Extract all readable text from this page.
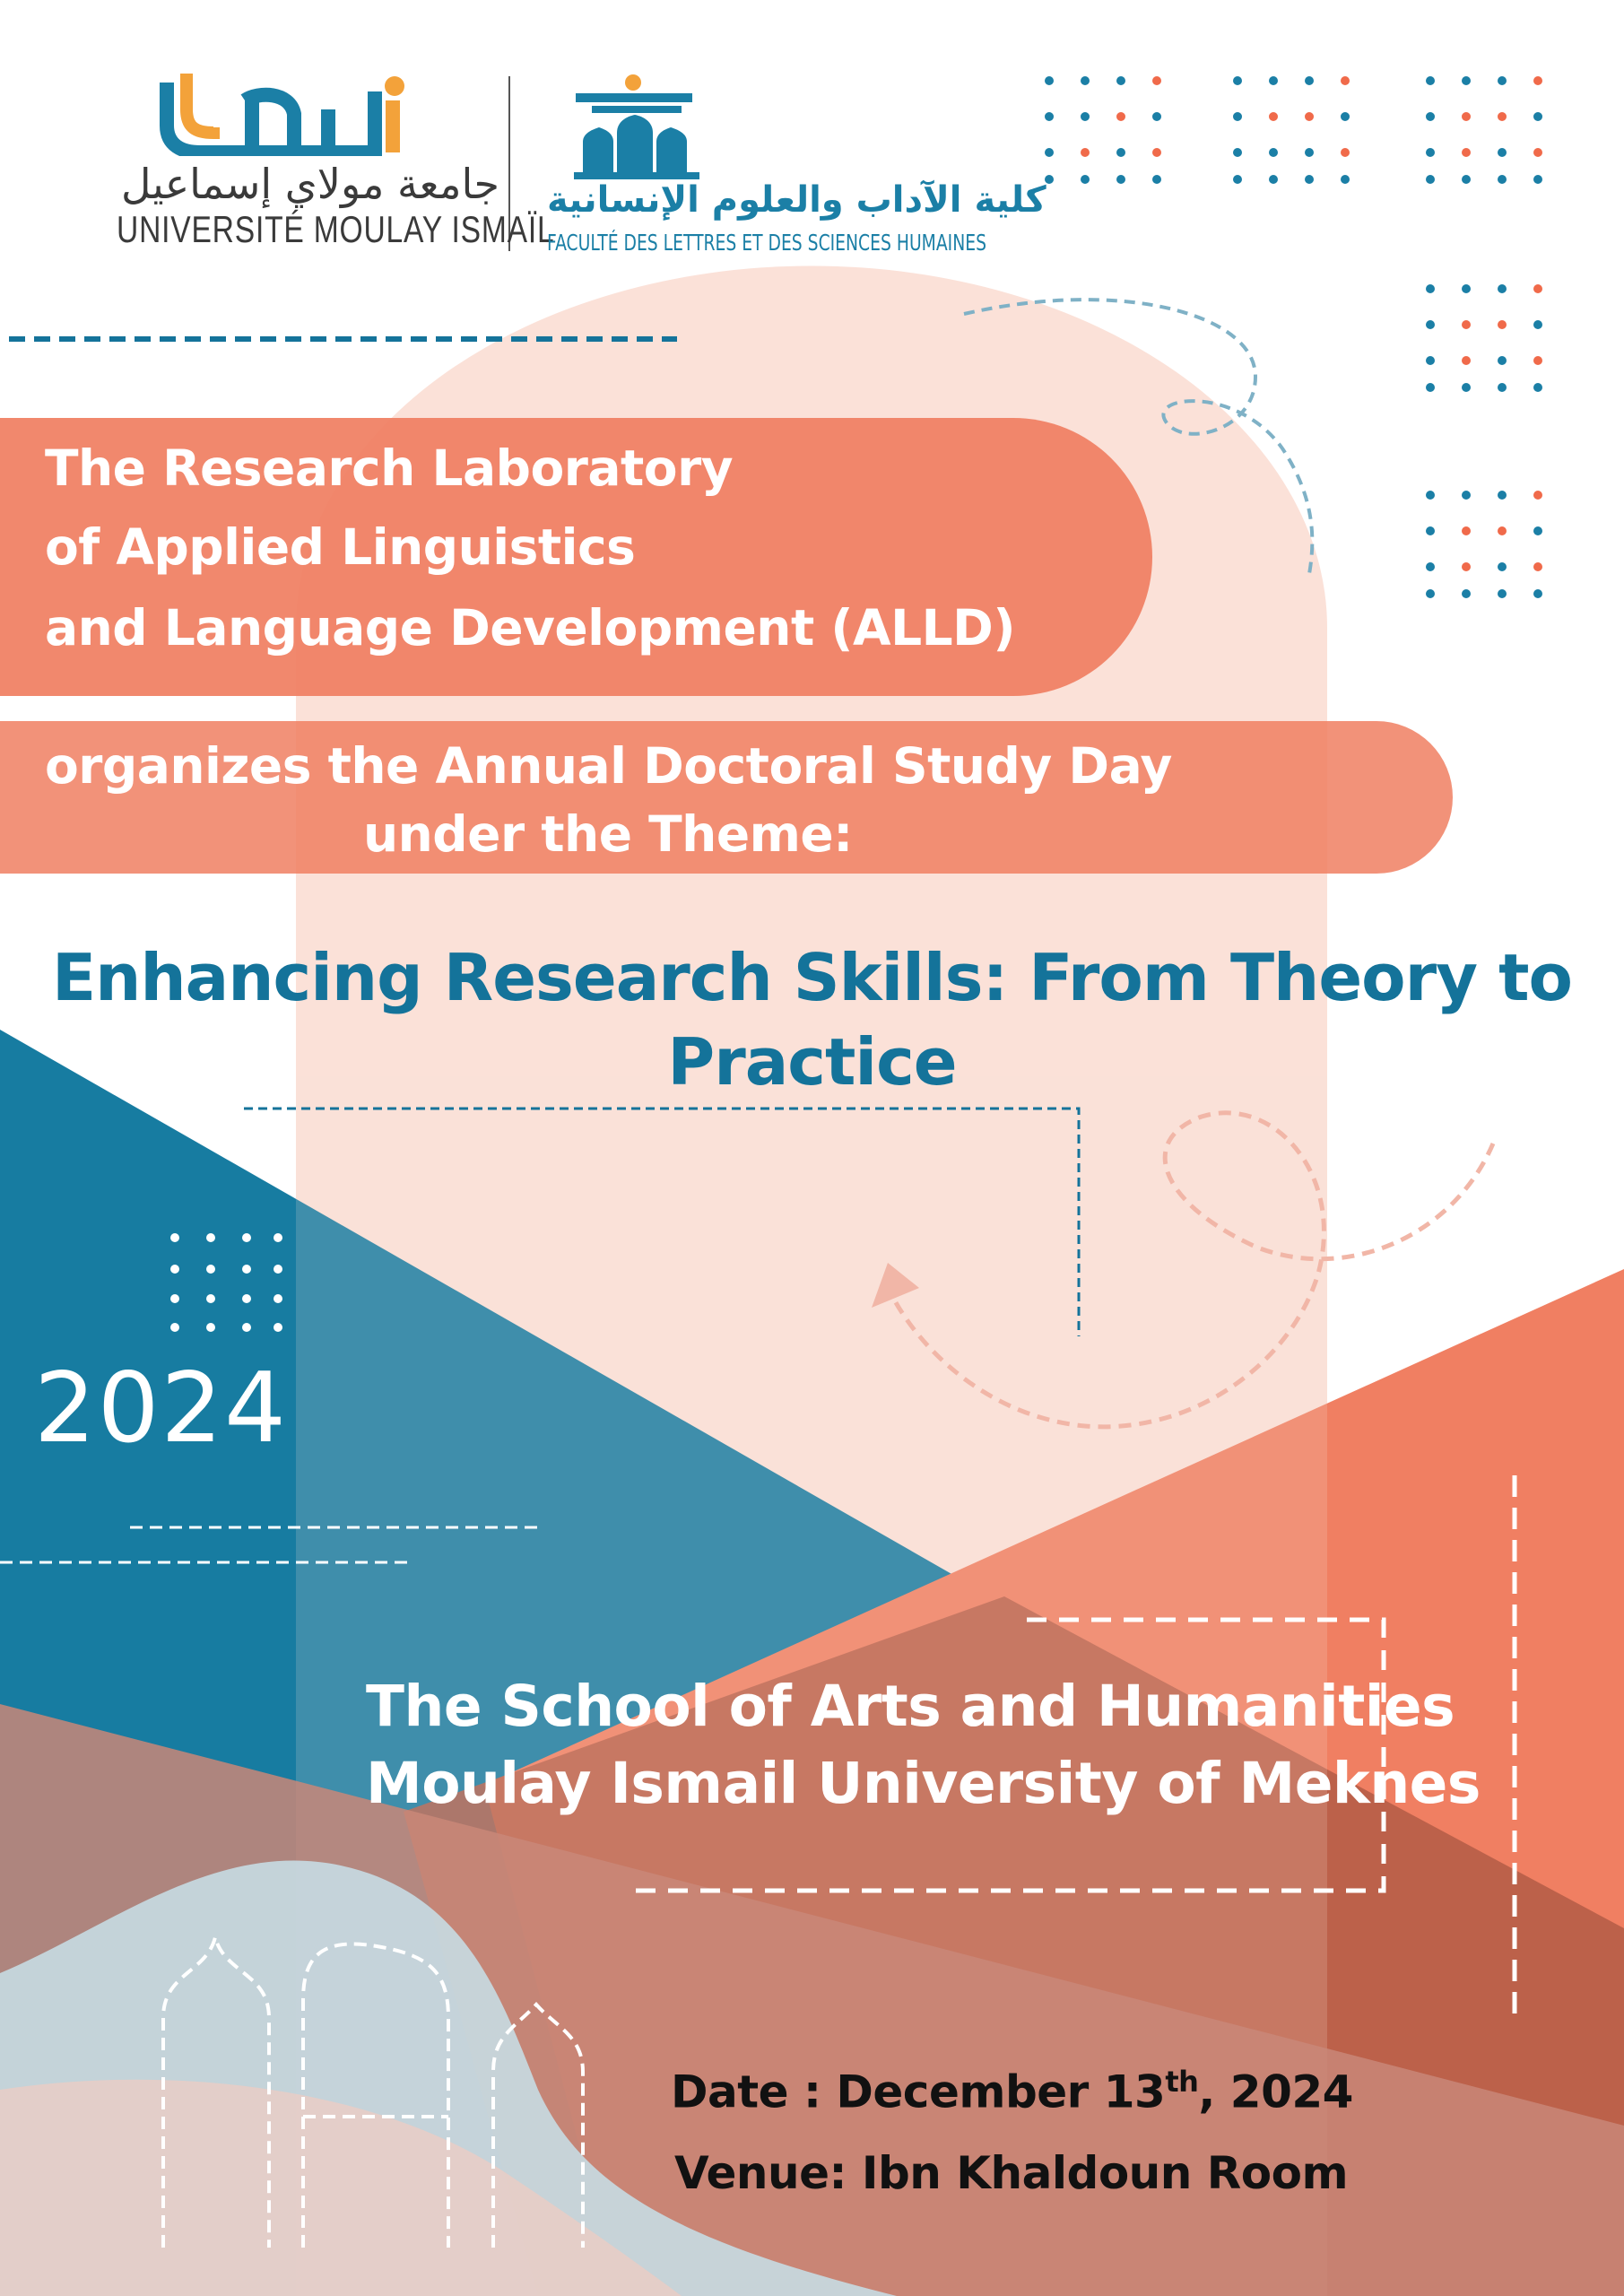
جامعة مولاي إسماعيل

UNIVERSITÉ MOULAY ISMAÏL

كلية الآداب والعلوم الإنسانية

FACULTÉ DES LETTRES ET DES SCIENCES HUMAINES

The Research Laboratory

of Applied Linguistics

and Language Development (ALLD)

organizes the Annual Doctoral Study Day

under the Theme:

Enhancing Research Skills: From Theory to

Practice

2024

The School of Arts and Humanities

Moulay Ismail University of Meknes

Date : December 13th, 2024

Venue: Ibn Khaldoun Room
